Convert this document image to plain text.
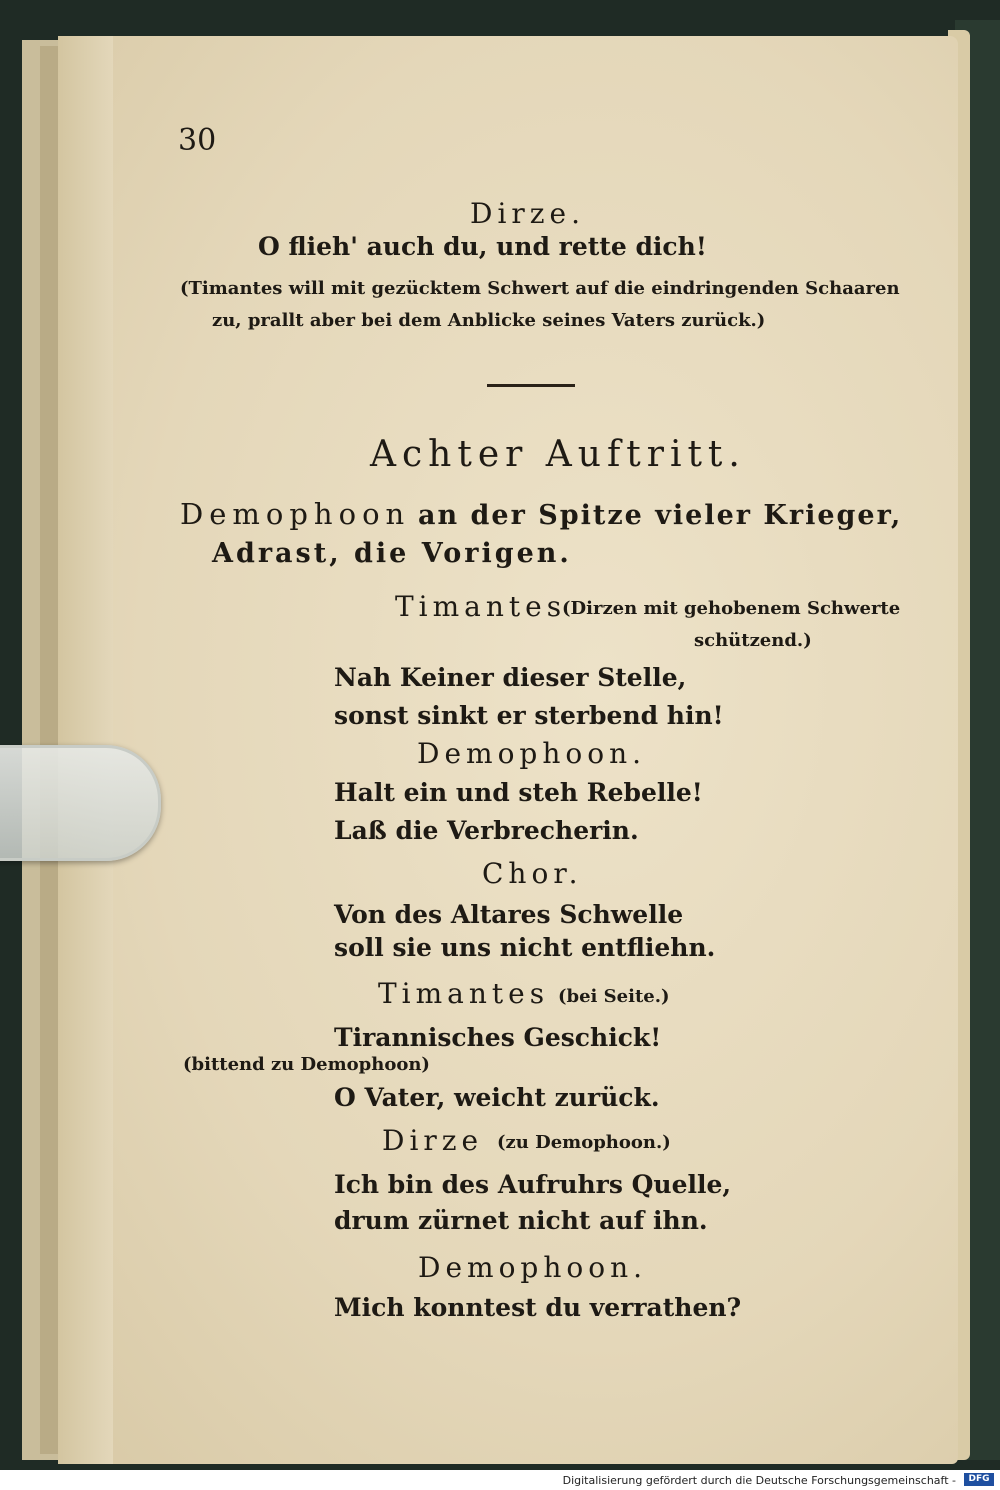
30
Dirze.
O flieh' auch du, und rette dich!
(Timantes will mit gezücktem Schwert auf die eindringenden Schaaren
zu, prallt aber bei dem Anblicke seines Vaters zurück.)
Achter Auftritt.
Demophoon an der Spitze vieler Krieger,
Adrast, die Vorigen.
Timantes
(Dirzen mit gehobenem Schwerte
schützend.)
Nah Keiner dieser Stelle,
sonst sinkt er sterbend hin!
Demophoon.
Halt ein und steh Rebelle!
Laß die Verbrecherin.
Chor.
Von des Altares Schwelle
soll sie uns nicht entfliehn.
Timantes (bei Seite.)
Tirannisches Geschick!
(bittend zu Demophoon)
O Vater, weicht zurück.
Dirze (zu Demophoon.)
Ich bin des Aufruhrs Quelle,
drum zürnet nicht auf ihn.
Demophoon.
Mich konntest du verrathen?
Digitalisierung gefördert durch die Deutsche Forschungsgemeinschaft -	DFG
